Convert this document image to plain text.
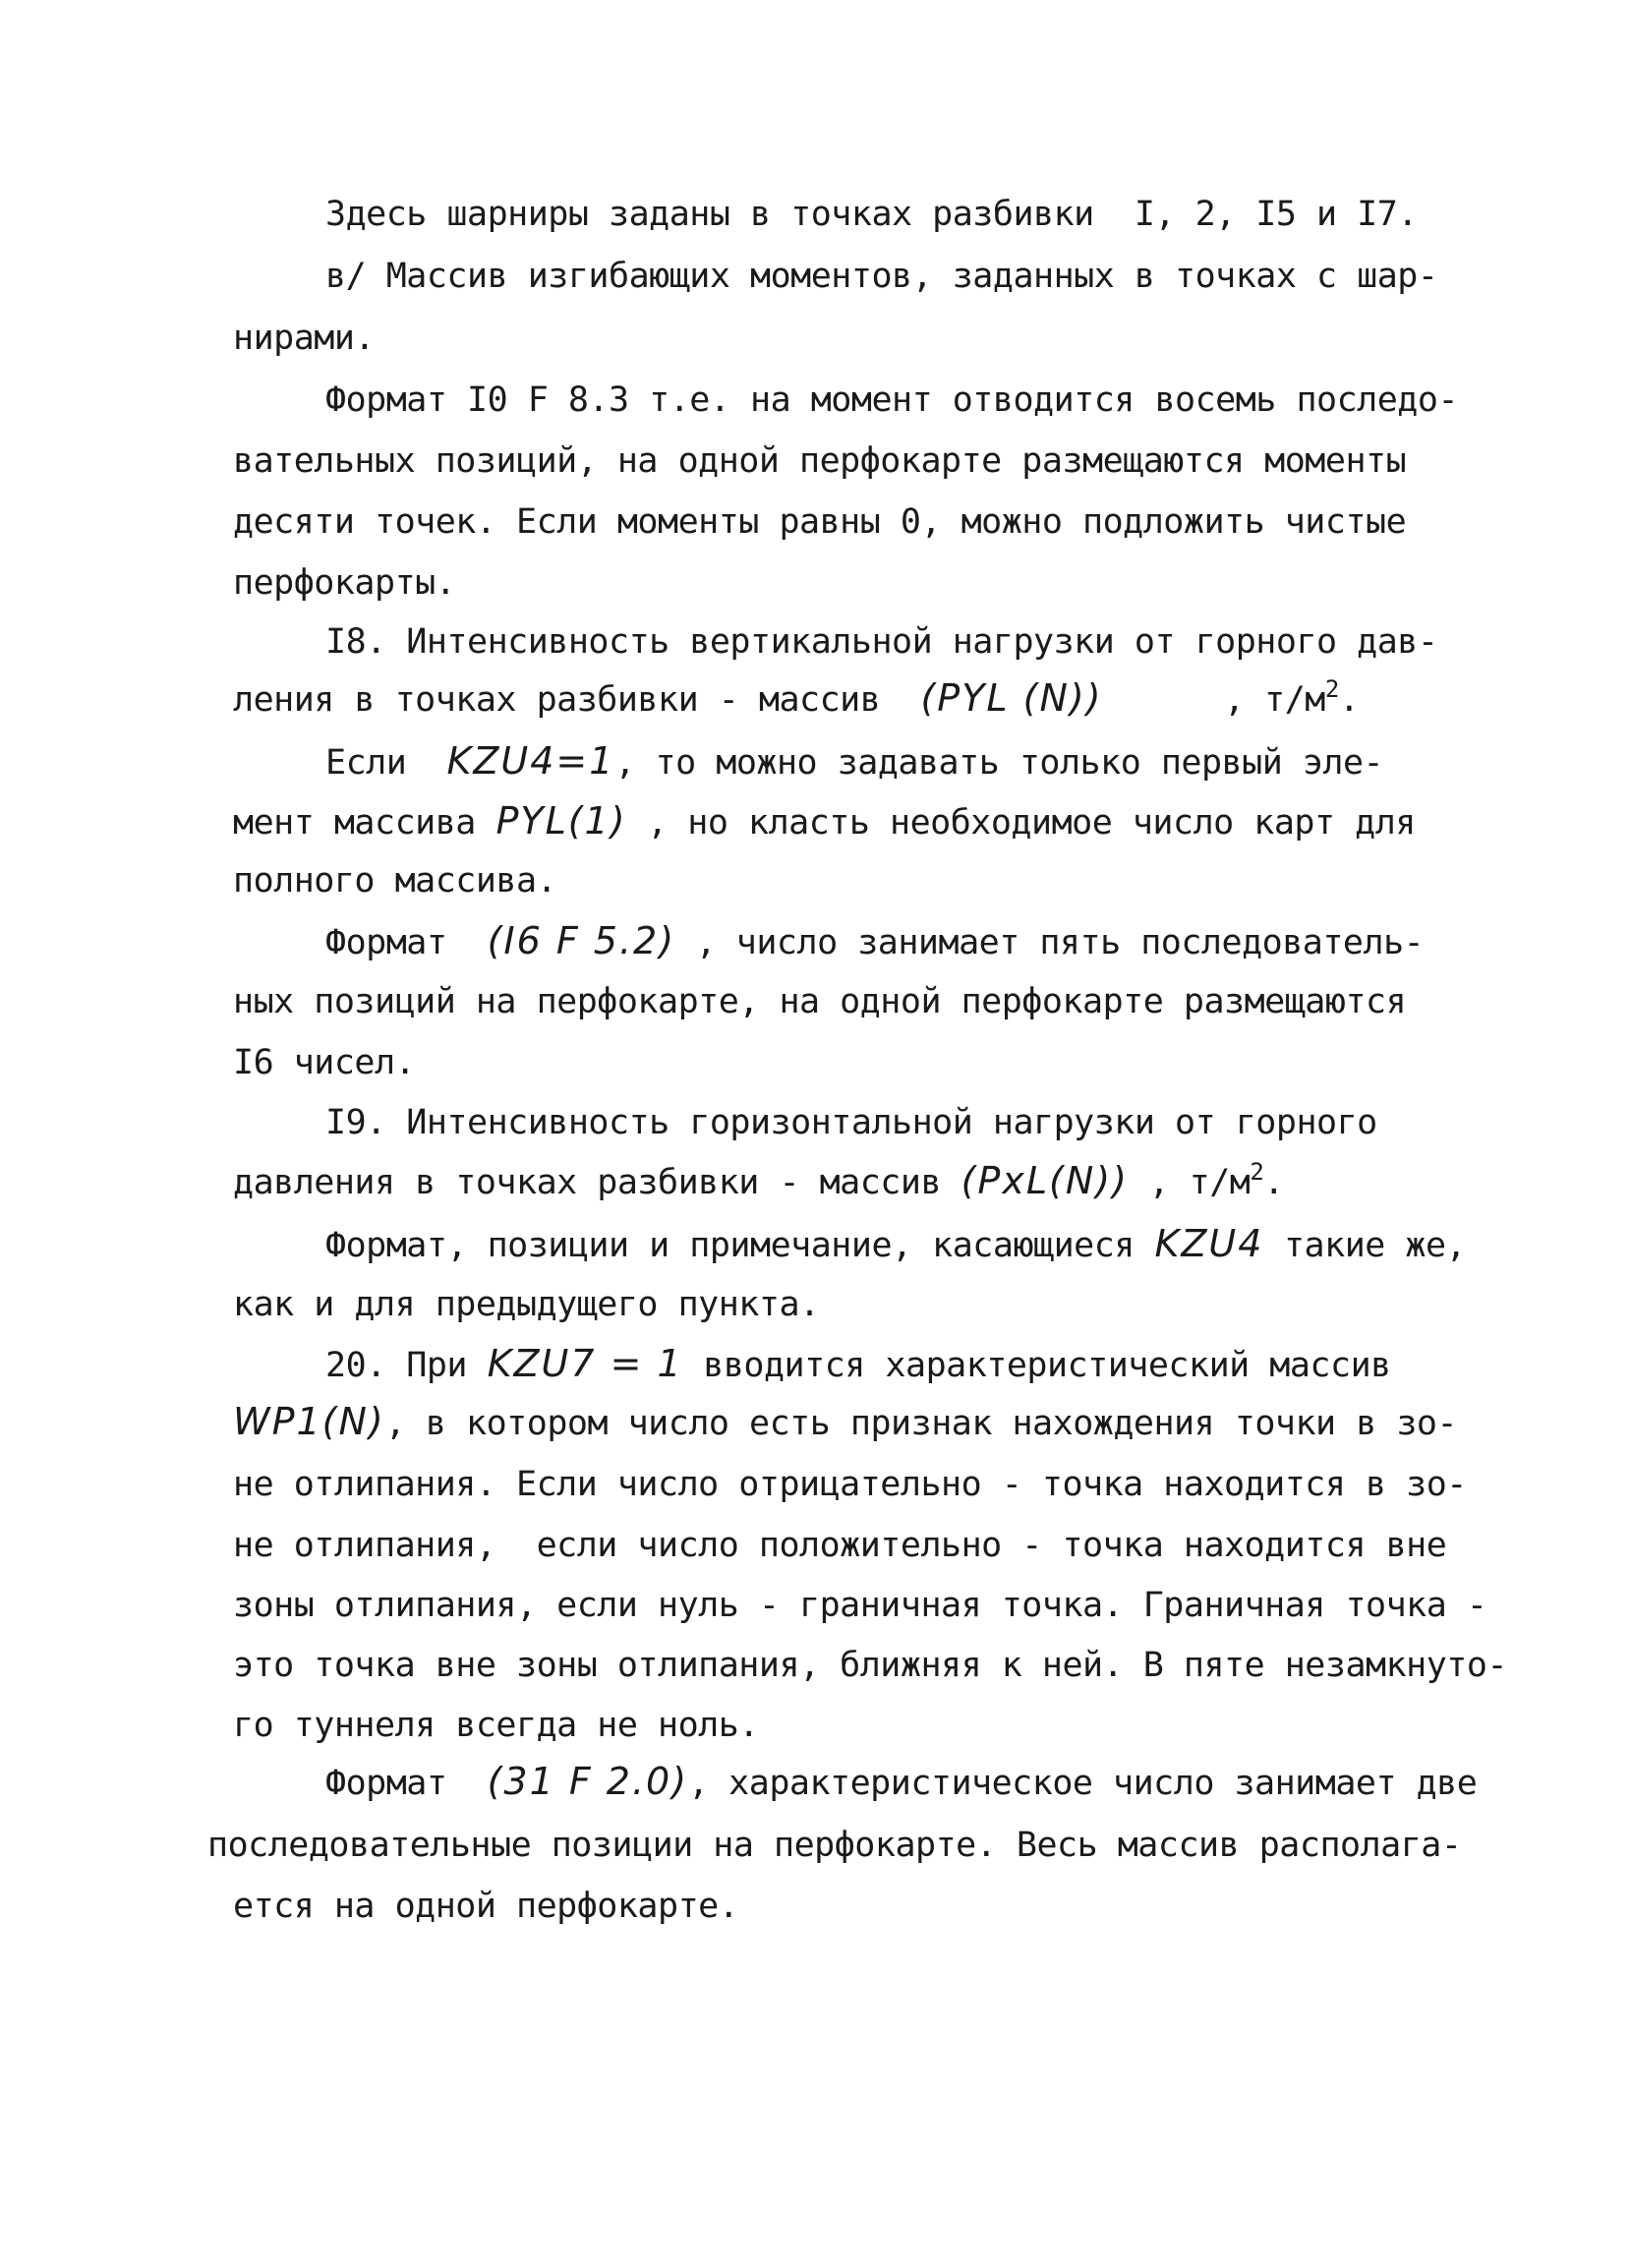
Здесь шарниры заданы в точках разбивки  I, 2, I5 и I7.

в/ Массив изгибающих моментов, заданных в точках с шар-

нирами.

Формат I0 F 8.3 т.е. на момент отводится восемь последо-

вательных позиций, на одной перфокарте размещаются моменты

десяти точек. Если моменты равны 0, можно подложить чистые

перфокарты.

I8. Интенсивность вертикальной нагрузки от горного дав-

ления в точках разбивки - массив  (PYL (N))      , $т/м^2$.

Если  KZU4=1, то можно задавать только первый эле-

мент массива PYL(1) , но класть необходимое число карт для

полного массива.

Формат  (I6 F 5.2) , число занимает пять последователь-

ных позиций на перфокарте, на одной перфокарте размещаются

I6 чисел.

I9. Интенсивность горизонтальной нагрузки от горного

давления в точках разбивки - массив (PxL(N)) , $т/м^2$.

Формат, позиции и примечание, касающиеся KZU4 такие же,

как и для предыдущего пункта.

20. При KZU7 = 1 вводится характеристический массив

WP1(N), в котором число есть признак нахождения точки в зо-

не отлипания. Если число отрицательно - точка находится в зо-

не отлипания,  если число положительно - точка находится вне

зоны отлипания, если нуль - граничная точка. Граничная точка -

это точка вне зоны отлипания, ближняя к ней. В пяте незамкнуто-

го туннеля всегда не ноль.

Формат  (31 F 2.0), характеристическое число занимает две

последовательные позиции на перфокарте. Весь массив располага-

ется на одной перфокарте.
